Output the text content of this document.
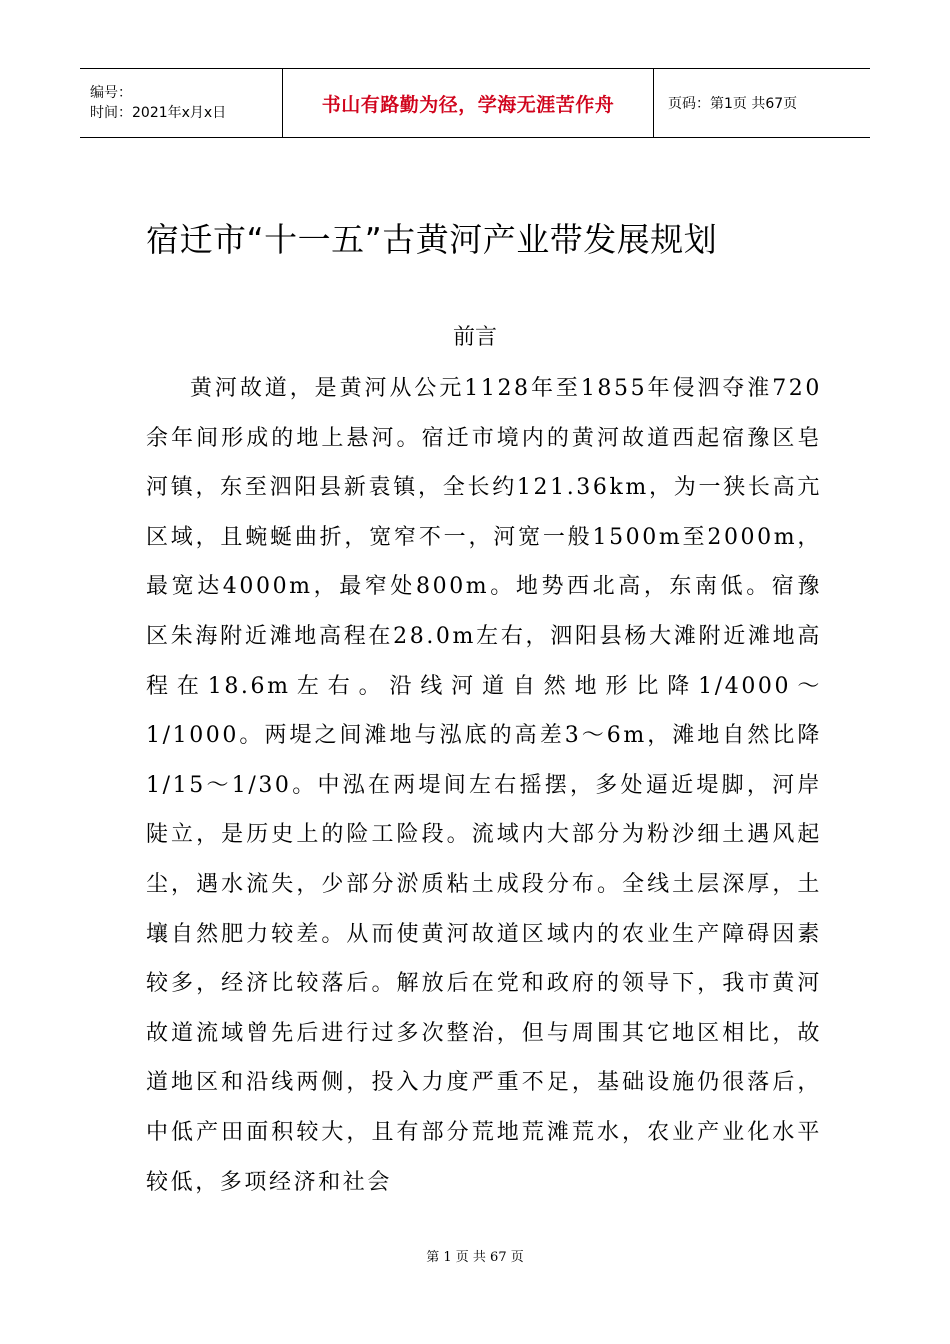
编号：
时间：2021年x月x日	书山有路勤为径，学海无涯苦作舟	页码：第1页 共67页
宿迁市“十一五”古黄河产业带发展规划
前言

黄河故道，是黄河从公元1128年至1855年侵泗夺淮720余年间形成的地上悬河。宿迁市境内的黄河故道西起宿豫区皂河镇，东至泗阳县新袁镇，全长约121.36km，为一狭长高亢区域，且蜿蜒曲折，宽窄不一，河宽一般1500m至2000m，最宽达4000m，最窄处800m。地势西北高，东南低。宿豫区朱海附近滩地高程在28.0m左右，泗阳县杨大滩附近滩地高程在18.6m左右。沿线河道自然地形比降1/4000～1/1000。两堤之间滩地与泓底的高差3～6m，滩地自然比降1/15～1/30。中泓在两堤间左右摇摆，多处逼近堤脚，河岸陡立，是历史上的险工险段。流域内大部分为粉沙细土遇风起尘，遇水流失，少部分淤质粘土成段分布。全线土层深厚，土壤自然肥力较差。从而使黄河故道区域内的农业生产障碍因素较多，经济比较落后。解放后在党和政府的领导下，我市黄河故道流域曾先后进行过多次整治，但与周围其它地区相比，故道地区和沿线两侧，投入力度严重不足，基础设施仍很落后，中低产田面积较大，且有部分荒地荒滩荒水，农业产业化水平较低，多项经济和社会

第 1 页 共 67 页
